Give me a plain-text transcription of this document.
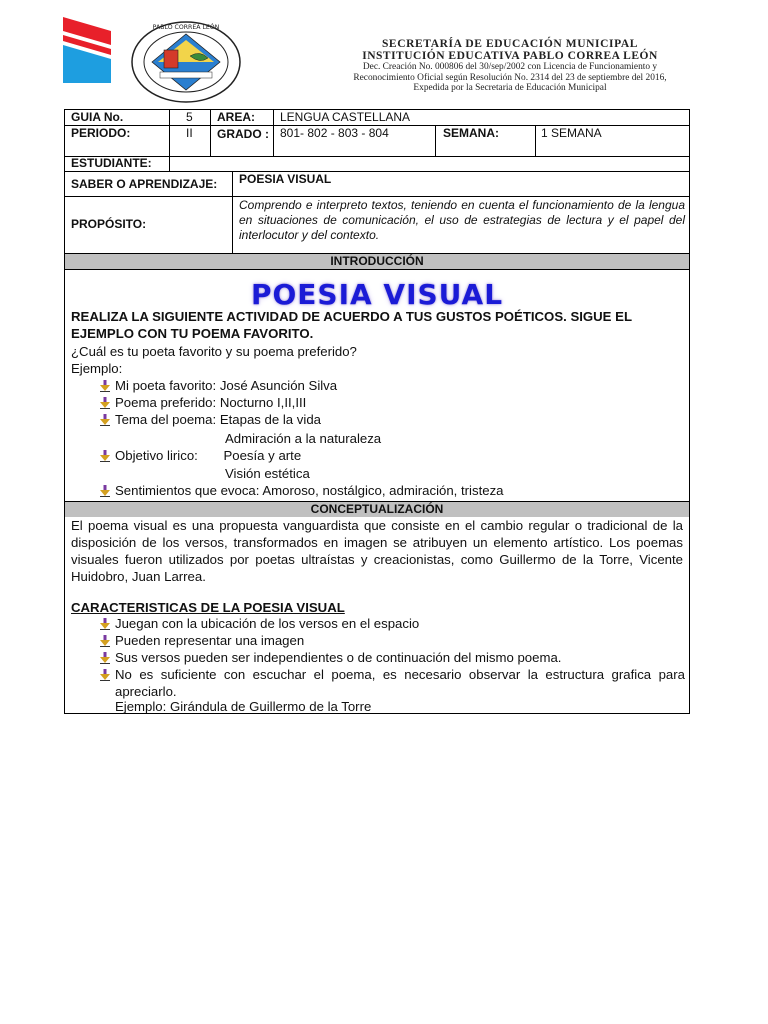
PABLO CORREA LEÓN
SECRETARÍA DE EDUCACIÓN MUNICIPAL
INSTITUCIÓN EDUCATIVA PABLO CORREA LEÓN
Dec. Creación No. 000806 del 30/sep/2002 con Licencia de Funcionamiento y
Reconocimiento Oficial según Resolución No. 2314 del 23 de septiembre del 2016,
Expedida por la Secretaria de Educación Municipal
GUIA No.	5 AREA: LENGUA CASTELLANA
PERIODO:	II GRADO : 801- 802 - 803 - 804	SEMANA:	1 SEMANA
ESTUDIANTE:
SABER O APRENDIZAJE: POESIA VISUAL
PROPÓSITO:
Comprendo e interpreto textos, teniendo en cuenta el funcionamiento de la lengua en situaciones de comunicación, el uso de estrategias de lectura y el papel del interlocutor y del contexto.
INTRODUCCIÓN
POESIA VISUAL
REALIZA LA SIGUIENTE ACTIVIDAD DE ACUERDO A TUS GUSTOS POÉTICOS. SIGUE EL
EJEMPLO CON TU POEMA FAVORITO.
¿Cuál es tu poeta favorito y su poema preferido?
Ejemplo:
Mi poeta favorito: José Asunción Silva
Poema preferido: Nocturno I,II,III
Tema del poema: Etapas de la vida
Admiración a la naturaleza
Objetivo lirico:       Poesía y arte
Visión estética
Sentimientos que evoca: Amoroso, nostálgico, admiración, tristeza
CONCEPTUALIZACIÓN
El poema visual es una propuesta vanguardista que consiste en el cambio regular o tradicional de la disposición de los versos, transformados en imagen se atribuyen un elemento artístico. Los poemas visuales fueron utilizados por poetas ultraístas y creacionistas, como Guillermo de la Torre, Vicente Huidobro, Juan Larrea.
CARACTERISTICAS DE LA POESIA VISUAL
Juegan con la ubicación de los versos en el espacio
Pueden representar una imagen
Sus versos pueden ser independientes o de continuación del mismo poema.
No es suficiente con escuchar el poema, es necesario observar la estructura grafica para apreciarlo.
Ejemplo: Girándula de Guillermo de la Torre
